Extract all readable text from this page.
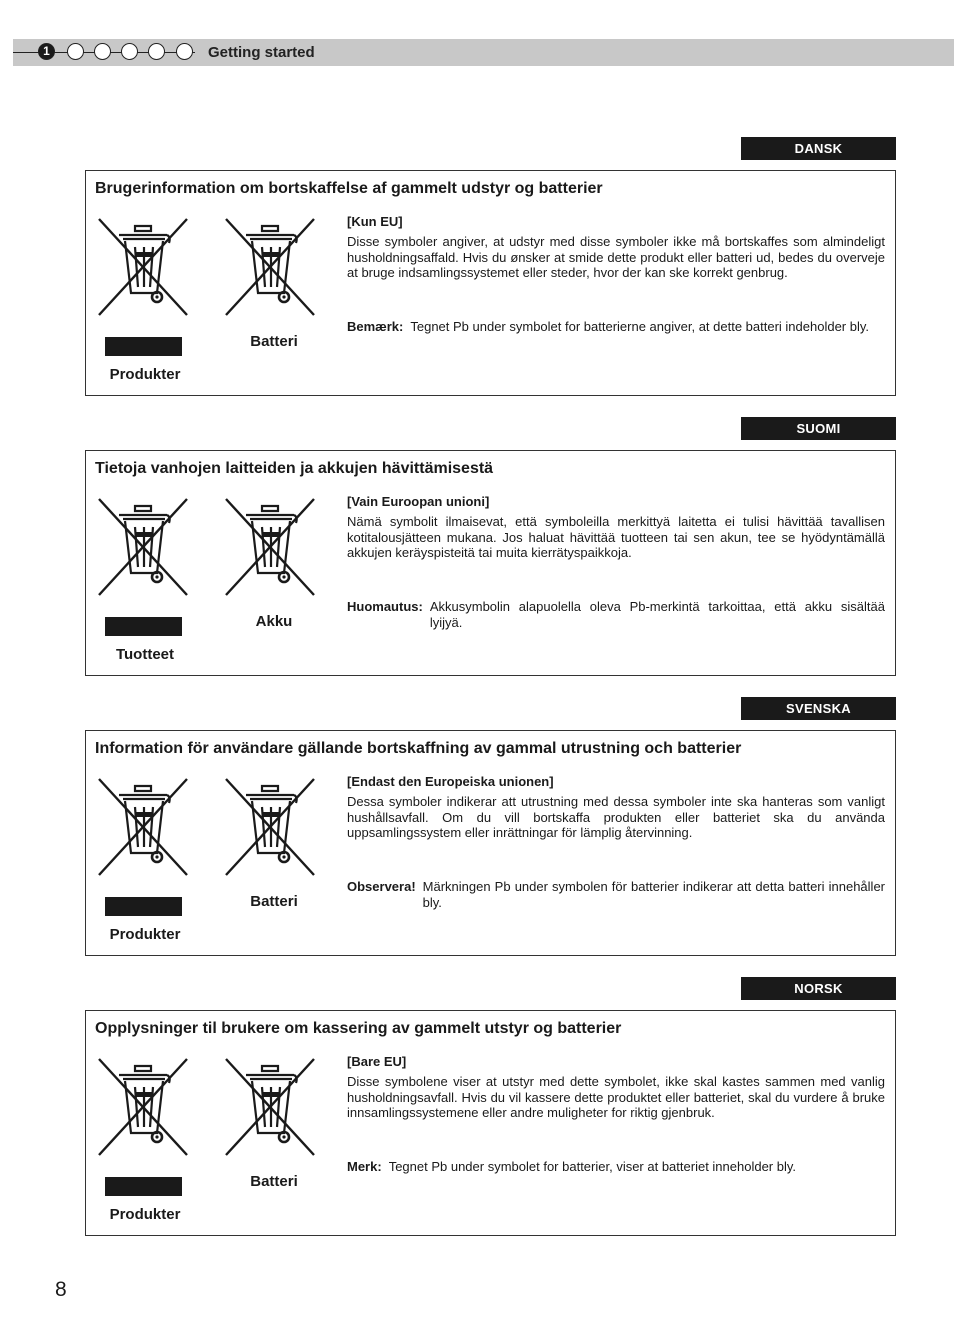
1	Getting started
DANSK
Brugerinformation om bortskaffelse af gammelt udstyr og batterier
Produkter
Batteri
[Kun EU]
Disse symboler angiver, at udstyr med disse symboler ikke må bortskaffes som almindeligt husholdningsaffald. Hvis du ønsker at smide dette produkt eller batteri ud, bedes du overveje at bruge indsamlingssystemet eller steder, hvor der kan ske korrekt genbrug.
Bemærk: Tegnet Pb under symbolet for batterierne angiver, at dette batteri indeholder bly.
SUOMI
Tietoja vanhojen laitteiden ja akkujen hävittämisestä
Tuotteet
Akku
[Vain Euroopan unioni]
Nämä symbolit ilmaisevat, että symboleilla merkittyä laitetta ei tulisi hävittää tavallisen kotitalousjätteen mukana. Jos haluat hävittää tuotteen tai sen akun, tee se hyödyntämällä akkujen keräyspisteitä tai muita kierrätyspaikkoja.
Huomautus: Akkusymbolin alapuolella oleva Pb-merkintä tarkoittaa, että akku sisältää lyijyä.
SVENSKA
Information för användare gällande bortskaffning av gammal utrustning och batterier
Produkter
Batteri
[Endast den Europeiska unionen]
Dessa symboler indikerar att utrustning med dessa symboler inte ska hanteras som vanligt hushållsavfall. Om du vill bortskaffa produkten eller batteriet ska du använda uppsamlingssystem eller inrättningar för lämplig återvinning.
Observera! Märkningen Pb under symbolen för batterier indikerar att detta batteri innehåller bly.
NORSK
Opplysninger til brukere om kassering av gammelt utstyr og batterier
Produkter
Batteri
[Bare EU]
Disse symbolene viser at utstyr med dette symbolet, ikke skal kastes sammen med vanlig husholdningsavfall. Hvis du vil kassere dette produktet eller batteriet, skal du vurdere å bruke innsamlingssystemene eller andre muligheter for riktig gjenbruk.
Merk: Tegnet Pb under symbolet for batterier, viser at batteriet inneholder bly.
8
